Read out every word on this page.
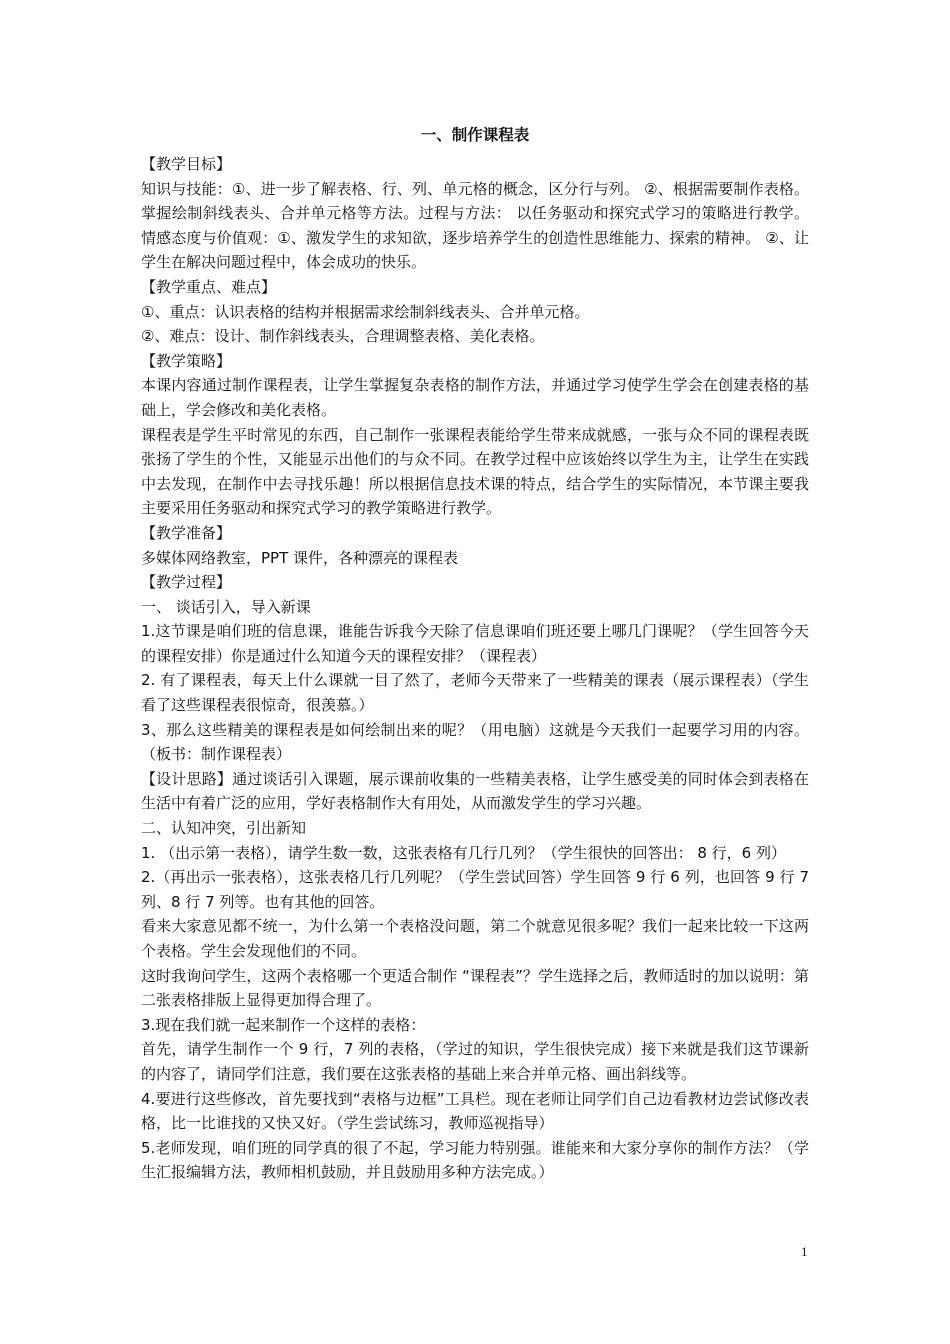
一、制作课程表

【教学目标】

知识与技能：①、进一步了解表格、行、列、单元格的概念，区分行与列。 ②、根据需要制作表格。掌握绘制斜线表头、合并单元格等方法。过程与方法： 以任务驱动和探究式学习的策略进行教学。 情感态度与价值观：①、激发学生的求知欲，逐步培养学生的创造性思维能力、探索的精神。 ②、让学生在解决问题过程中，体会成功的快乐。

【教学重点、难点】

①、重点：认识表格的结构并根据需求绘制斜线表头、合并单元格。

②、难点：设计、制作斜线表头，合理调整表格、美化表格。

【教学策略】

本课内容通过制作课程表，让学生掌握复杂表格的制作方法，并通过学习使学生学会在创建表格的基础上，学会修改和美化表格。

课程表是学生平时常见的东西，自己制作一张课程表能给学生带来成就感，一张与众不同的课程表既张扬了学生的个性，又能显示出他们的与众不同。在教学过程中应该始终以学生为主，让学生在实践中去发现，在制作中去寻找乐趣！所以根据信息技术课的特点，结合学生的实际情况，本节课主要我主要采用任务驱动和探究式学习的教学策略进行教学。

【教学准备】

多媒体网络教室，PPT 课件，各种漂亮的课程表

【教学过程】

一、 谈话引入，导入新课

1.这节课是咱们班的信息课，谁能告诉我今天除了信息课咱们班还要上哪几门课呢？（学生回答今天的课程安排）你是通过什么知道今天的课程安排？（课程表）

2. 有了课程表，每天上什么课就一目了然了，老师今天带来了一些精美的课表（展示课程表）（学生看了这些课程表很惊奇，很羡慕。）

3、那么这些精美的课程表是如何绘制出来的呢？（用电脑）这就是今天我们一起要学习用的内容。（板书：制作课程表）

【设计思路】通过谈话引入课题，展示课前收集的一些精美表格，让学生感受美的同时体会到表格在生活中有着广泛的应用，学好表格制作大有用处，从而激发学生的学习兴趣。

二、认知冲突，引出新知

1. （出示第一表格），请学生数一数，这张表格有几行几列？（学生很快的回答出： 8 行，6 列）

2.（再出示一张表格），这张表格几行几列呢？（学生尝试回答）学生回答 9 行 6 列，也回答 9 行 7 列、8 行 7 列等。也有其他的回答。

看来大家意见都不统一，为什么第一个表格没问题，第二个就意见很多呢？我们一起来比较一下这两个表格。学生会发现他们的不同。

这时我询问学生，这两个表格哪一个更适合制作 “课程表”？学生选择之后，教师适时的加以说明：第二张表格排版上显得更加得合理了。

3.现在我们就一起来制作一个这样的表格：

首先，请学生制作一个 9 行，7 列的表格，（学过的知识，学生很快完成）接下来就是我们这节课新的内容了，请同学们注意，我们要在这张表格的基础上来合并单元格、画出斜线等。

4.要进行这些修改，首先要找到“表格与边框”工具栏。现在老师让同学们自己边看教材边尝试修改表格，比一比谁找的又快又好。（学生尝试练习，教师巡视指导）

5.老师发现，咱们班的同学真的很了不起，学习能力特别强。谁能来和大家分享你的制作方法？（学生汇报编辑方法，教师相机鼓励，并且鼓励用多种方法完成。）

1
